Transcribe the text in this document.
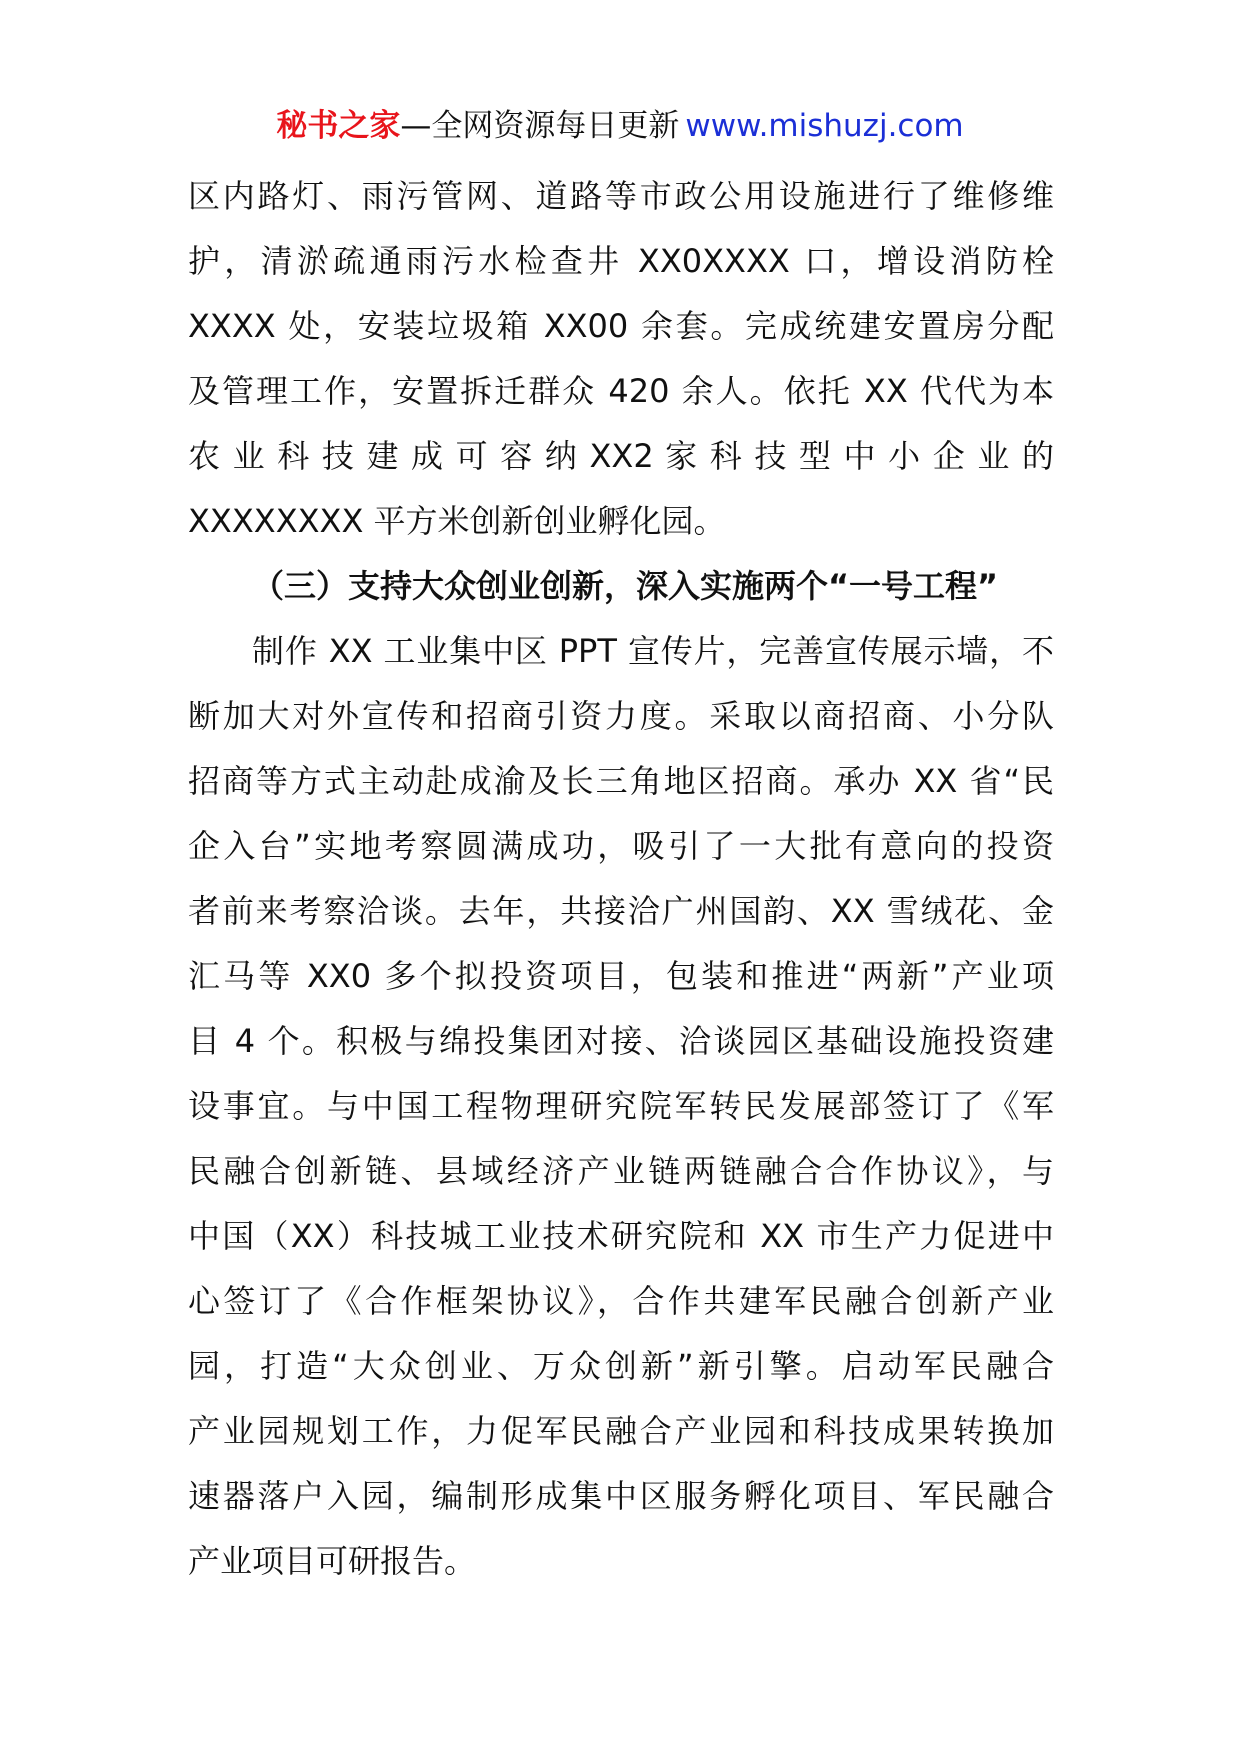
秘书之家—全网资源每日更新 www.mishuzj.com
区内路灯、雨污管网、道路等市政公用设施进行了维修维
护，清淤疏通雨污水检查井 XX0XXXX 口，增设消防栓
XXXX 处，安装垃圾箱 XX00 余套。完成统建安置房分配
及管理工作，安置拆迁群众 420 余人。依托 XX 代代为本
农 业 科 技 建 成 可 容 纳 XX2 家 科 技 型 中 小 企 业 的
XXXXXXXX 平方米创新创业孵化园。
（三）支持大众创业创新，深入实施两个“一号工程”
制作 XX 工业集中区 PPT 宣传片，完善宣传展示墙，不
断加大对外宣传和招商引资力度。采取以商招商、小分队
招商等方式主动赴成渝及长三角地区招商。承办 XX 省“民
企入台”实地考察圆满成功，吸引了一大批有意向的投资
者前来考察洽谈。去年，共接洽广州国韵、XX 雪绒花、金
汇马等 XX0 多个拟投资项目，包装和推进“两新”产业项
目 4 个。积极与绵投集团对接、洽谈园区基础设施投资建
设事宜。与中国工程物理研究院军转民发展部签订了《军
民融合创新链、县域经济产业链两链融合合作协议》，与
中国（XX）科技城工业技术研究院和 XX 市生产力促进中
心签订了《合作框架协议》，合作共建军民融合创新产业
园，打造“大众创业、万众创新”新引擎。启动军民融合
产业园规划工作，力促军民融合产业园和科技成果转换加
速器落户入园，编制形成集中区服务孵化项目、军民融合
产业项目可研报告。
